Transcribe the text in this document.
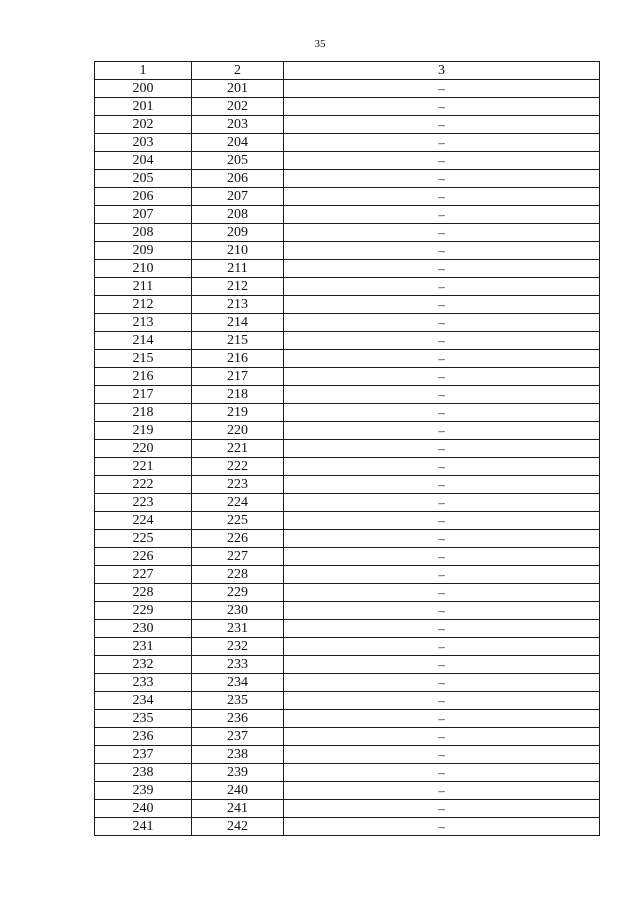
35
1	2	3
200	201	–
201	202	–
202	203	–
203	204	–
204	205	–
205	206	–
206	207	–
207	208	–
208	209	–
209	210	–
210	211	–
211	212	–
212	213	–
213	214	–
214	215	–
215	216	–
216	217	–
217	218	–
218	219	–
219	220	–
220	221	–
221	222	–
222	223	–
223	224	–
224	225	–
225	226	–
226	227	–
227	228	–
228	229	–
229	230	–
230	231	–
231	232	–
232	233	–
233	234	–
234	235	–
235	236	–
236	237	–
237	238	–
238	239	–
239	240	–
240	241	–
241	242	–
